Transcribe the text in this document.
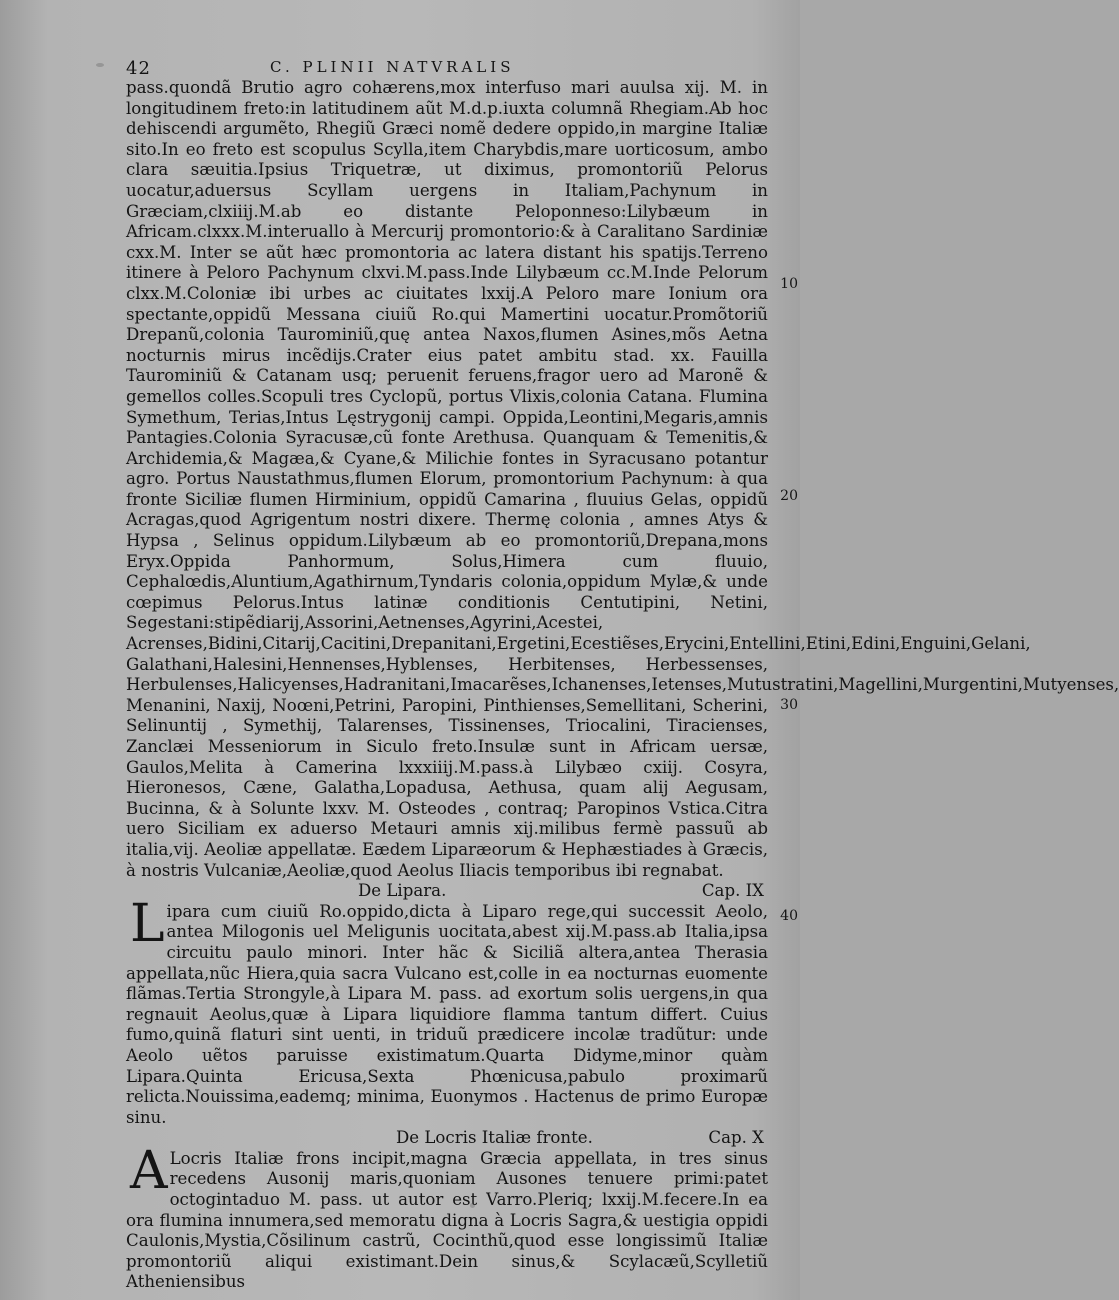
42	C. PLINII NATVRALIS

pass.quondã Brutio agro cohærens,mox interfuso mari auulsa xij. M. in longitudinem freto:in latitudinem aũt M.d.p.iuxta columnã Rhegiam.Ab hoc dehiscendi argumẽto, Rhegiũ Græci nomẽ dedere oppido,in margine Italiæ sito.In eo freto est scopulus Scylla,item Charybdis,mare uorticosum, ambo clara sæuitia.Ipsius Triquetræ, ut diximus, promontoriũ Pelorus uocatur,aduersus Scyllam uergens in Italiam,Pachynum in Græciam,clxiiij.M.ab eo distante Peloponneso:Lilybæum in Africam.clxxx.M.interuallo à Mercurij promontorio:& à Caralitano Sardiniæ cxx.M. Inter se aũt hæc promontoria ac latera distant his spatijs.Terreno itinere à Peloro Pachynum clxvi.M.pass.Inde Lilybæum cc.M.Inde Pelorum clxx.M.Coloniæ ibi urbes ac ciuitates lxxij.A Peloro mare Ionium ora spectante,oppidũ Messana ciuiũ Ro.qui Mamertini uocatur.Promõtoriũ Drepanũ,colonia Taurominiũ,quę antea Naxos,flumen Asines,mõs Aetna nocturnis mirus incẽdijs.Crater eius patet ambitu stad. xx. Fauilla Taurominiũ & Catanam usq; peruenit feruens,fragor uero ad Maronẽ & gemellos colles.Scopuli tres Cyclopũ, portus Vlixis,colonia Catana. Flumina Symethum, Terias,Intus Lęstrygonij campi. Oppida,Leontini,Megaris,amnis Pantagies.Colonia Syracusæ,cũ fonte Arethusa. Quanquam & Temenitis,& Archidemia,& Magæa,& Cyane,& Milichie fontes in Syracusano potantur agro. Portus Naustathmus,flumen Elorum, promontorium Pachynum: à qua fronte Siciliæ flumen Hirminium, oppidũ Camarina , fluuius Gelas, oppidũ Acragas,quod Agrigentum nostri dixere. Thermę colonia , amnes Atys & Hypsa , Selinus oppidum.Lilybæum ab eo promontoriũ,Drepana,mons Eryx.Oppida Panhormum, Solus,Himera cum fluuio, Cephalœdis,Aluntium,Agathirnum,Tyndaris colonia,oppidum Mylæ,& unde cœpimus Pelorus.Intus latinæ conditionis Centutipini, Netini, Segestani:stipẽdiarij,Assorini,Aetnenses,Agyrini,Acestei, Acrenses,Bidini,Citarij,Cacitini,Drepanitani,Ergetini,Ecestiẽses,Erycini,Entellini,Etini,Edini,Enguini,Gelani, Galathani,Halesini,Hennenses,Hyblenses, Herbitenses, Herbessenses, Herbulenses,Halicyenses,Hadranitani,Imacarẽses,Ichanenses,Ietenses,Mutustratini,Magellini,Murgentini,Mutyenses, Menanini, Naxij, Noœni,Petrini, Paropini, Pinthienses,Semellitani, Scherini, Selinuntij , Symethij, Talarenses, Tissinenses, Triocalini, Tiracienses, Zanclæi Messeniorum in Siculo freto.Insulæ sunt in Africam uersæ, Gaulos,Melita à Camerina lxxxiiij.M.pass.à Lilybæo cxiij. Cosyra, Hieronesos, Cæne, Galatha,Lopadusa, Aethusa, quam alij Aegusam, Bucinna, & à Solunte lxxv. M. Osteodes , contraq; Paropinos Vstica.Citra uero Siciliam ex aduerso Metauri amnis xij.milibus fermè passuũ ab italia,vij. Aeoliæ appellatæ. Eædem Liparæorum & Hephæstiades à Græcis, à nostris Vulcaniæ,Aeoliæ,quod Aeolus Iliacis temporibus ibi regnabat.

De Lipara.	Cap. IX

Lipara cum ciuiũ Ro.oppido,dicta à Liparo rege,qui successit Aeolo, antea Milogonis uel Meligunis uocitata,abest xij.M.pass.ab Italia,ipsa circuitu paulo minori. Inter hãc & Siciliã altera,antea Therasia appellata,nũc Hiera,quia sacra Vulcano est,colle in ea nocturnas euomente flãmas.Tertia Strongyle,à Lipara M. pass. ad exortum solis uergens,in qua regnauit Aeolus,quæ à Lipara liquidiore flamma tantum differt. Cuius fumo,quinã flaturi sint uenti, in triduũ prædicere incolæ tradũtur: unde Aeolo uẽtos paruisse existimatum.Quarta Didyme,minor quàm Lipara.Quinta Ericusa,Sexta Phœnicusa,pabulo proximarũ relicta.Nouissima,eademq; minima, Euonymos . Hactenus de primo Europæ sinu.

De Locris Italiæ fronte.	Cap. X

A Locris Italiæ frons incipit,magna Græcia appellata, in tres sinus recedens Ausonij maris,quoniam Ausones tenuere primi:patet octogintaduo M. pass. ut autor est Varro.Pleriq; lxxij.M.fecere.In ea ora flumina innumera,sed memoratu digna à Locris Sagra,& uestigia oppidi Caulonis,Mystia,Cõsilinum castrũ, Cocinthũ,quod esse longissimũ Italiæ promontoriũ aliqui existimant.Dein sinus,& Scylacæũ,Scylletiũ Atheniensibus

10
20
30
40
